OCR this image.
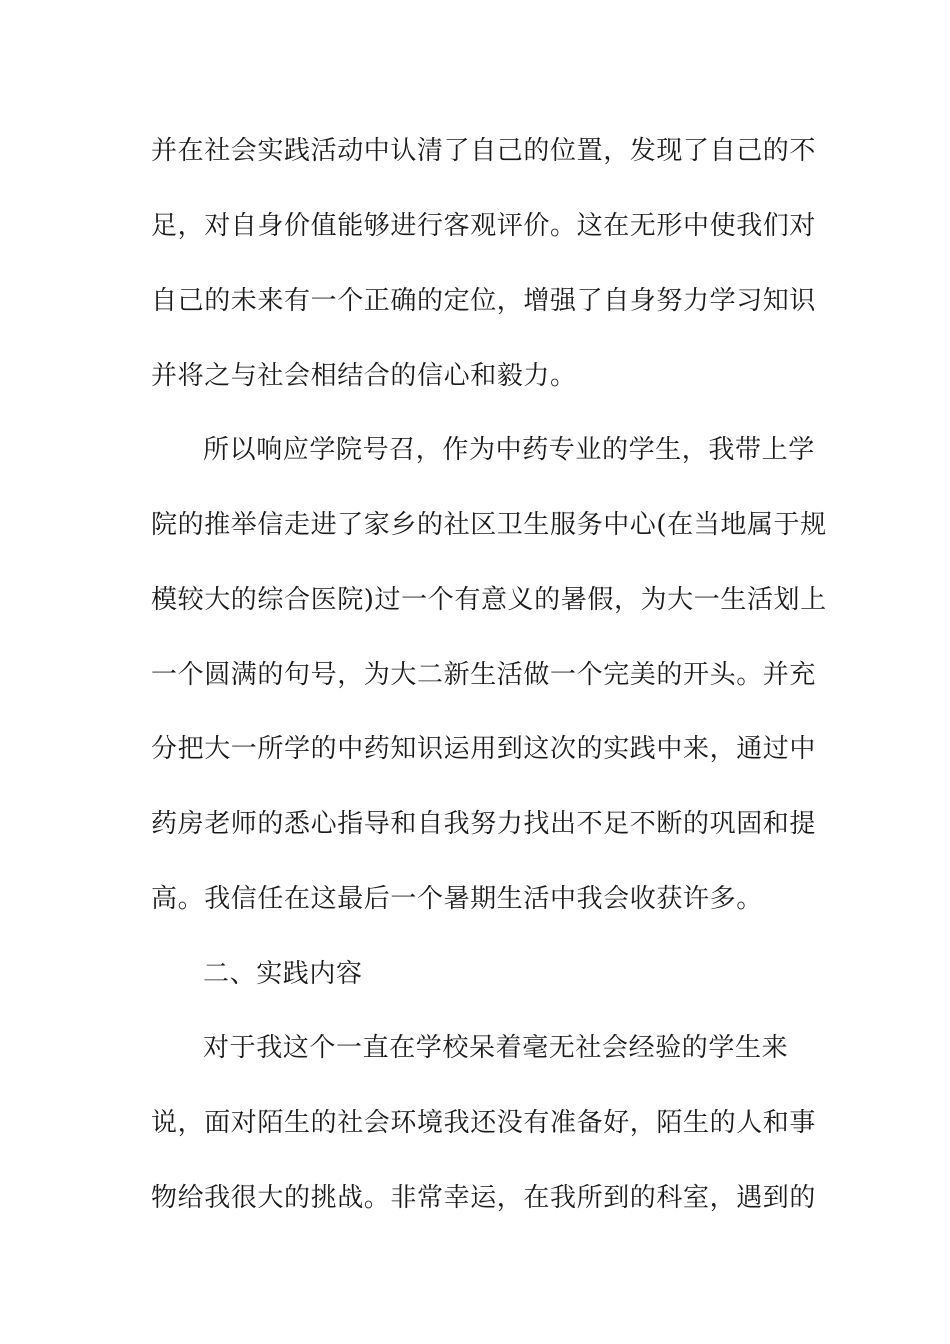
并在社会实践活动中认清了自己的位置，发现了自己的不
足，对自身价值能够进行客观评价。这在无形中使我们对
自己的未来有一个正确的定位，增强了自身努力学习知识
并将之与社会相结合的信心和毅力。
所以响应学院号召，作为中药专业的学生，我带上学
院的推举信走进了家乡的社区卫生服务中心(在当地属于规
模较大的综合医院)过一个有意义的暑假，为大一生活划上
一个圆满的句号，为大二新生活做一个完美的开头。并充
分把大一所学的中药知识运用到这次的实践中来，通过中
药房老师的悉心指导和自我努力找出不足不断的巩固和提
高。我信任在这最后一个暑期生活中我会收获许多。
二、实践内容
对于我这个一直在学校呆着毫无社会经验的学生来
说，面对陌生的社会环境我还没有准备好，陌生的人和事
物给我很大的挑战。非常幸运，在我所到的科室，遇到的
